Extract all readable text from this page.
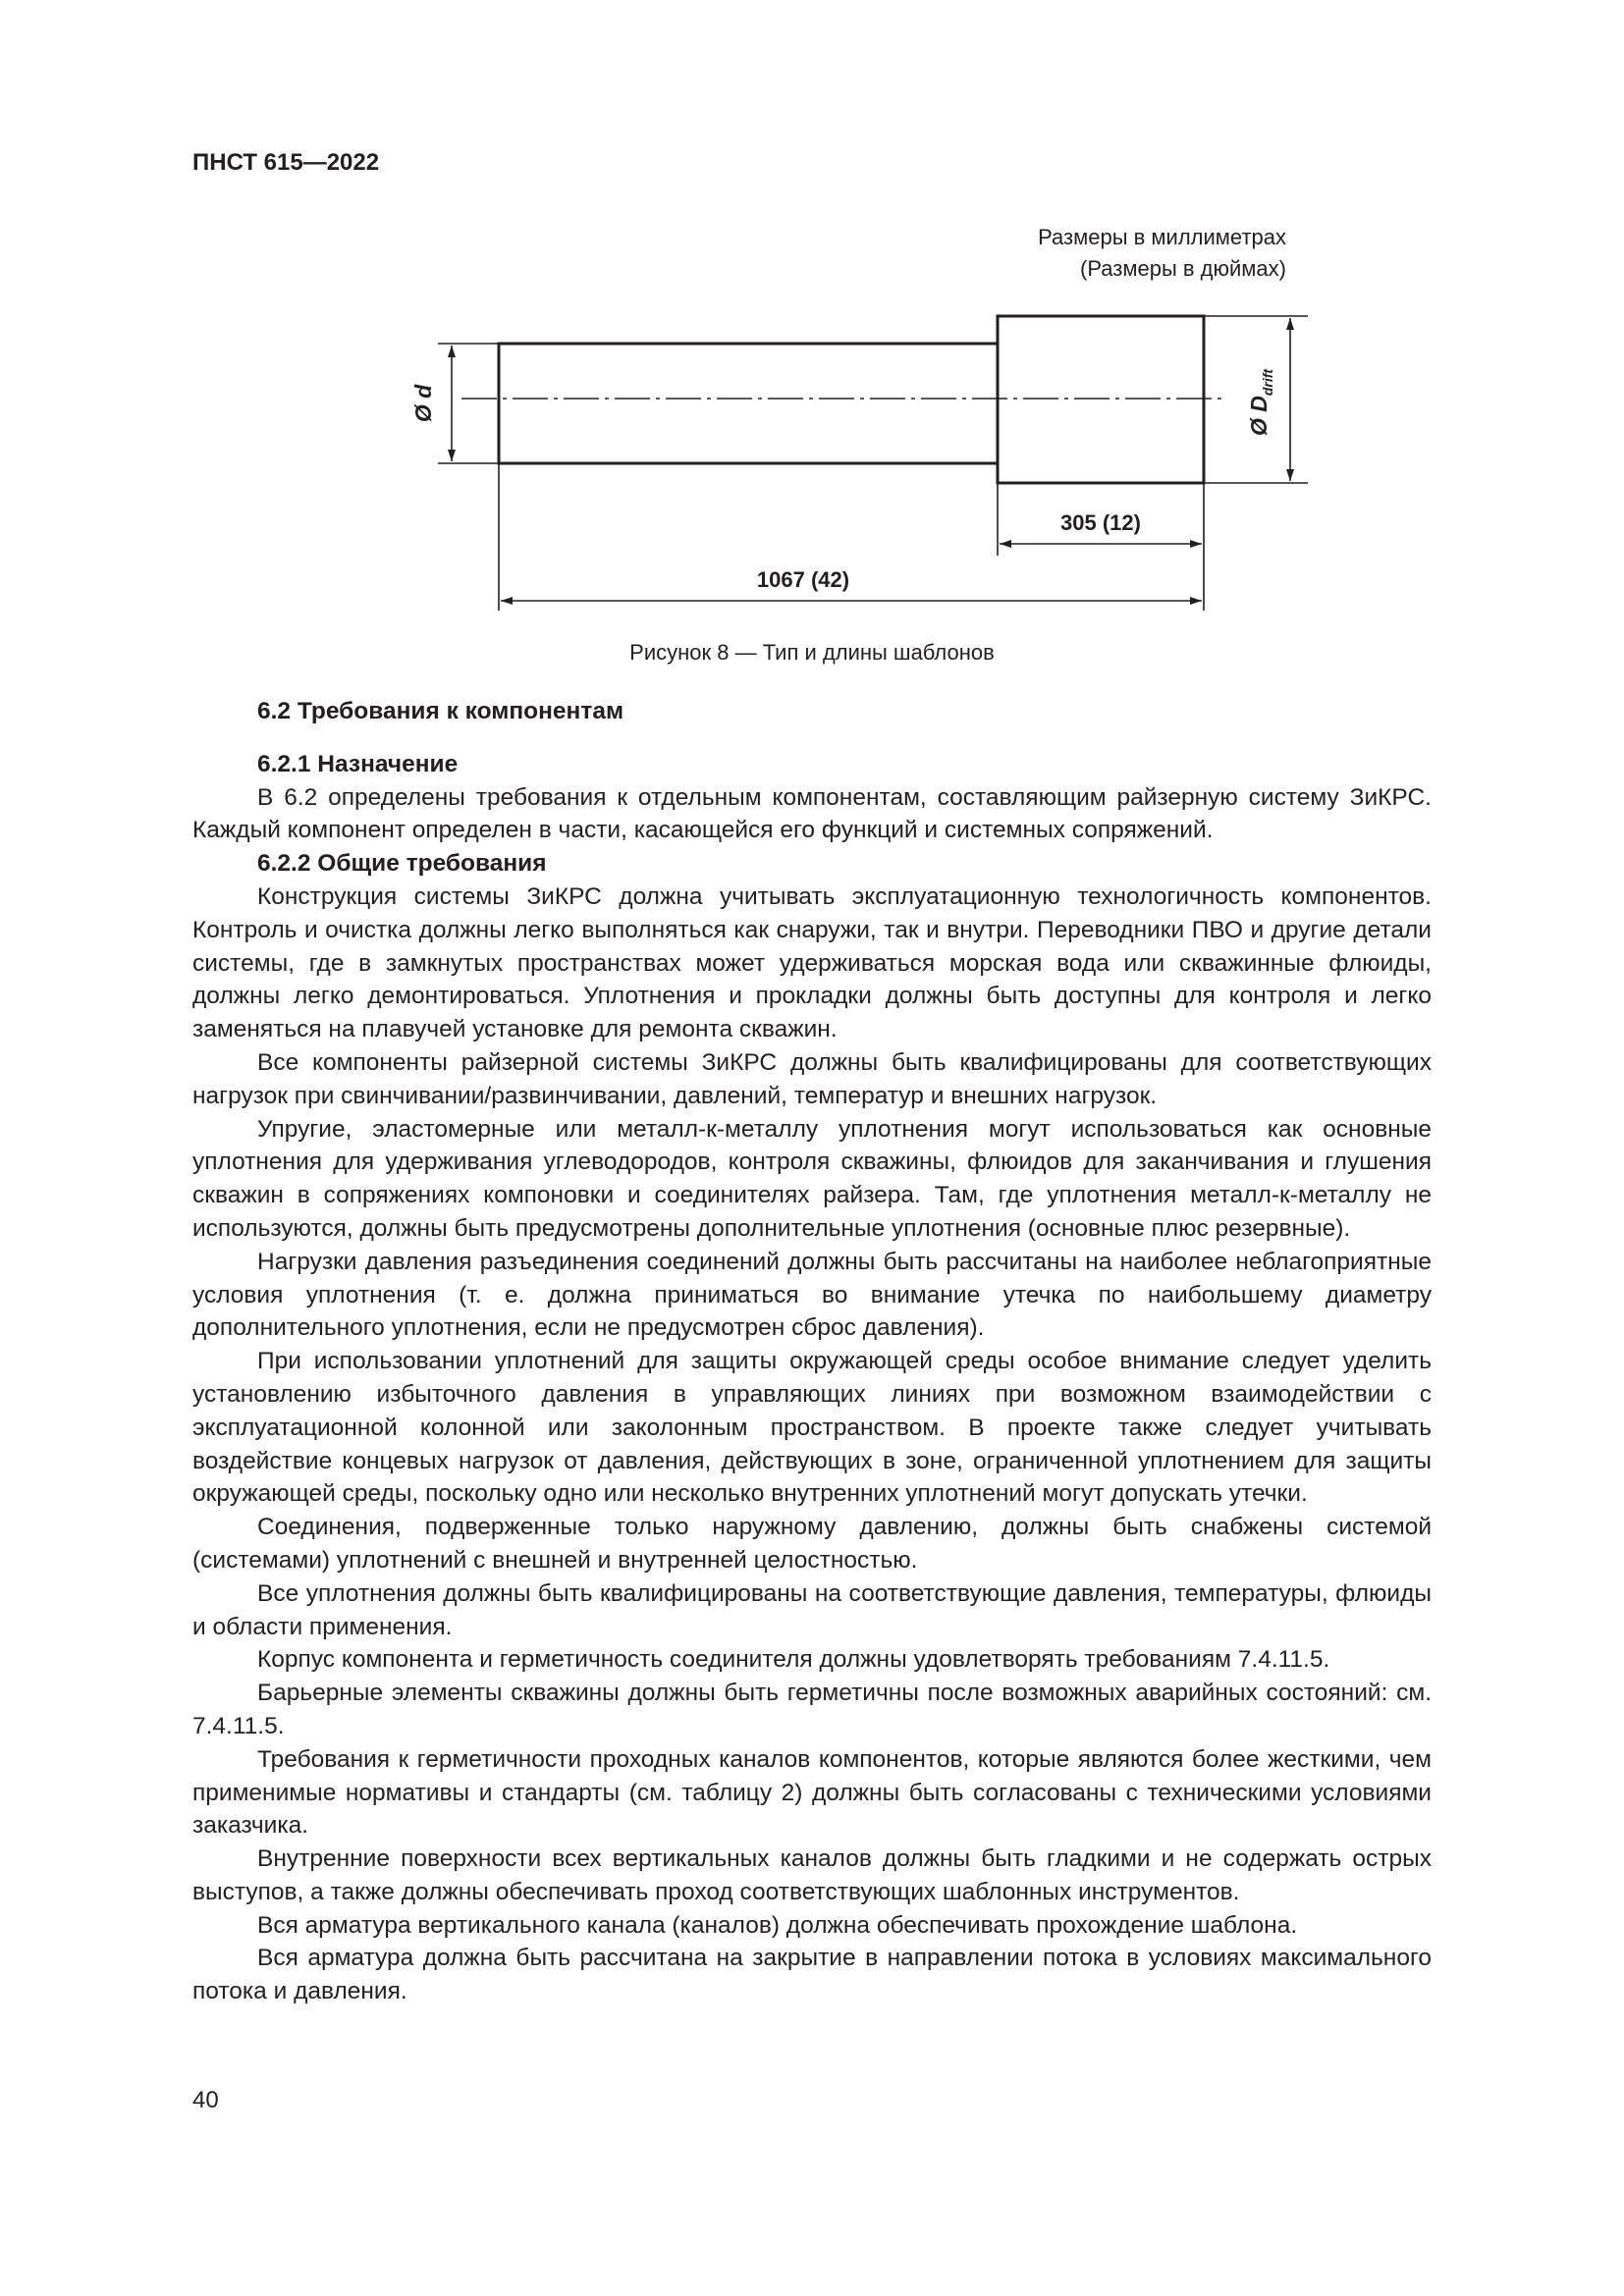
ПНСТ 615—2022
Размеры в миллиметрах
(Размеры в дюймах)
Ø d	Ø $D_{drift}$
305 (12)
1067 (42)
Рисунок 8 — Тип и длины шаблонов
6.2 Требования к компонентам
6.2.1 Назначение

В 6.2 определены требования к отдельным компонентам, составляющим райзерную систему ЗиКРС. Каждый компонент определен в части, касающейся его функций и системных сопряжений.

6.2.2 Общие требования

Конструкция системы ЗиКРС должна учитывать эксплуатационную технологичность компонентов. Контроль и очистка должны легко выполняться как снаружи, так и внутри. Переводники ПВО и другие детали системы, где в замкнутых пространствах может удерживаться морская вода или скважинные флюиды, должны легко демонтироваться. Уплотнения и прокладки должны быть доступны для контроля и легко заменяться на плавучей установке для ремонта скважин.

Все компоненты райзерной системы ЗиКРС должны быть квалифицированы для соответствующих нагрузок при свинчивании/развинчивании, давлений, температур и внешних нагрузок.

Упругие, эластомерные или металл-к-металлу уплотнения могут использоваться как основные уплотнения для удерживания углеводородов, контроля скважины, флюидов для заканчивания и глушения скважин в сопряжениях компоновки и соединителях райзера. Там, где уплотнения металл-к-металлу не используются, должны быть предусмотрены дополнительные уплотнения (основные плюс резервные).

Нагрузки давления разъединения соединений должны быть рассчитаны на наиболее неблагоприятные условия уплотнения (т. е. должна приниматься во внимание утечка по наибольшему диаметру дополнительного уплотнения, если не предусмотрен сброс давления).

При использовании уплотнений для защиты окружающей среды особое внимание следует уделить установлению избыточного давления в управляющих линиях при возможном взаимодействии с эксплуатационной колонной или заколонным пространством. В проекте также следует учитывать воздействие концевых нагрузок от давления, действующих в зоне, ограниченной уплотнением для защиты окружающей среды, поскольку одно или несколько внутренних уплотнений могут допускать утечки.

Соединения, подверженные только наружному давлению, должны быть снабжены системой (системами) уплотнений с внешней и внутренней целостностью.

Все уплотнения должны быть квалифицированы на соответствующие давления, температуры, флюиды и области применения.

Корпус компонента и герметичность соединителя должны удовлетворять требованиям 7.4.11.5.

Барьерные элементы скважины должны быть герметичны после возможных аварийных состояний: см. 7.4.11.5.

Требования к герметичности проходных каналов компонентов, которые являются более жесткими, чем применимые нормативы и стандарты (см. таблицу 2) должны быть согласованы с техническими условиями заказчика.

Внутренние поверхности всех вертикальных каналов должны быть гладкими и не содержать острых выступов, а также должны обеспечивать проход соответствующих шаблонных инструментов.

Вся арматура вертикального канала (каналов) должна обеспечивать прохождение шаблона.

Вся арматура должна быть рассчитана на закрытие в направлении потока в условиях максимального потока и давления.

40
